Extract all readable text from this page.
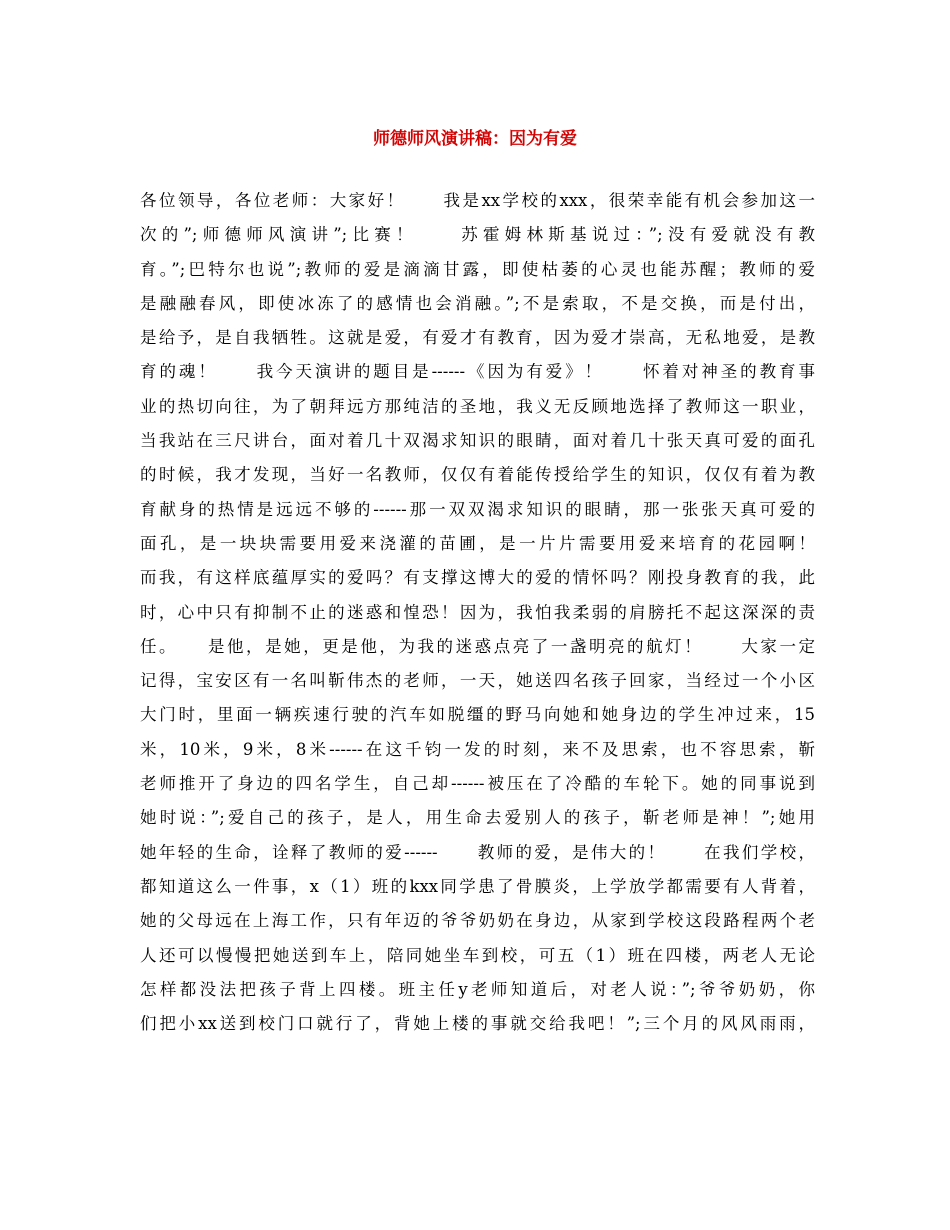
师德师风演讲稿：因为有爱

各位领导，各位老师：大家好！　　我是xx学校的xxx，很荣幸能有机会参加这一

次的”;师德师风演讲”;比赛！　　苏霍姆林斯基说过：”;没有爱就没有教

育。”;巴特尔也说”;教师的爱是滴滴甘露，即使枯萎的心灵也能苏醒；教师的爱

是融融春风，即使冰冻了的感情也会消融。”;不是索取，不是交换，而是付出，

是给予，是自我牺牲。这就是爱，有爱才有教育，因为爱才崇高，无私地爱，是教

育的魂！　　我今天演讲的题目是------《因为有爱》！　　怀着对神圣的教育事

业的热切向往，为了朝拜远方那纯洁的圣地，我义无反顾地选择了教师这一职业，

当我站在三尺讲台，面对着几十双渴求知识的眼睛，面对着几十张天真可爱的面孔

的时候，我才发现，当好一名教师，仅仅有着能传授给学生的知识，仅仅有着为教

育献身的热情是远远不够的------那一双双渴求知识的眼睛，那一张张天真可爱的

面孔，是一块块需要用爱来浇灌的苗圃，是一片片需要用爱来培育的花园啊！

而我，有这样底蕴厚实的爱吗？有支撑这博大的爱的情怀吗？刚投身教育的我，此

时，心中只有抑制不止的迷惑和惶恐！因为，我怕我柔弱的肩膀托不起这深深的责

任。　　是他，是她，更是他，为我的迷惑点亮了一盏明亮的航灯！　　大家一定

记得，宝安区有一名叫靳伟杰的老师，一天，她送四名孩子回家，当经过一个小区

大门时，里面一辆疾速行驶的汽车如脱缰的野马向她和她身边的学生冲过来，15

米，10米，9米，8米------在这千钧一发的时刻，来不及思索，也不容思索，靳

老师推开了身边的四名学生，自己却------被压在了冷酷的车轮下。她的同事说到

她时说：”;爱自己的孩子，是人，用生命去爱别人的孩子，靳老师是神！”;她用

她年轻的生命，诠释了教师的爱------　　教师的爱，是伟大的！　　在我们学校，

都知道这么一件事，x（1）班的kxx同学患了骨膜炎，上学放学都需要有人背着，

她的父母远在上海工作，只有年迈的爷爷奶奶在身边，从家到学校这段路程两个老

人还可以慢慢把她送到车上，陪同她坐车到校，可五（1）班在四楼，两老人无论

怎样都没法把孩子背上四楼。班主任y老师知道后，对老人说：”;爷爷奶奶，你

们把小xx送到校门口就行了，背她上楼的事就交给我吧！”;三个月的风风雨雨，
